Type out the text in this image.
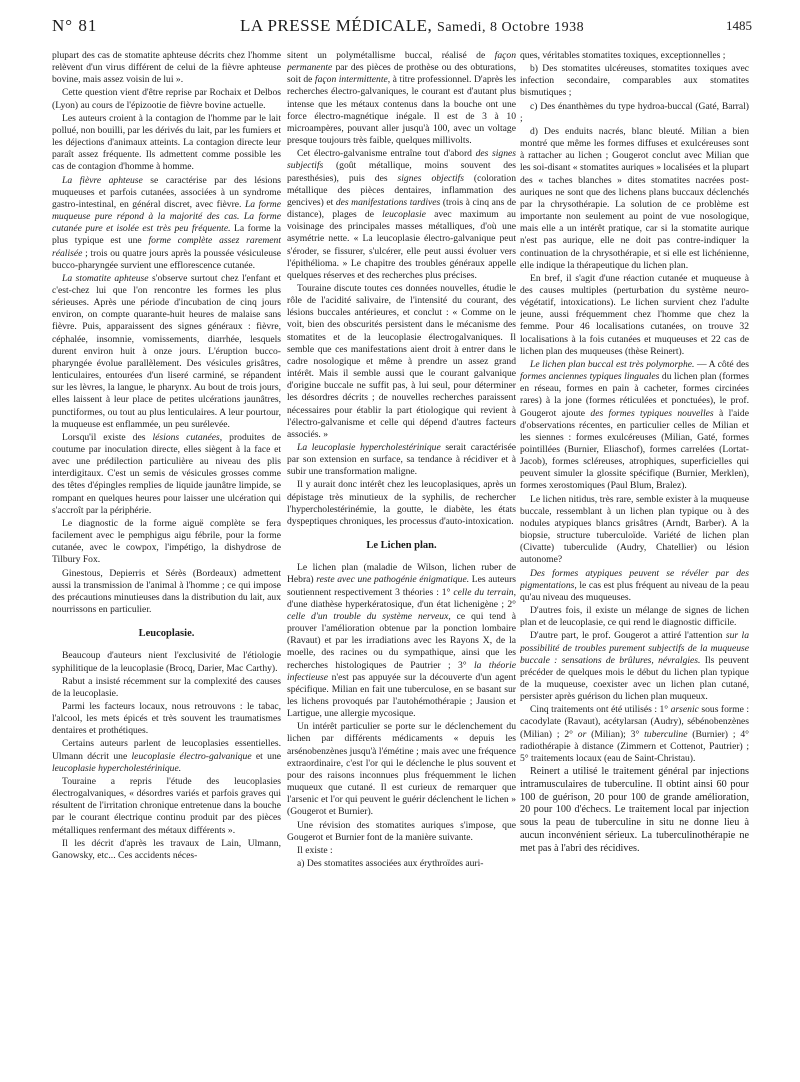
N° 81	LA PRESSE MÉDICALE, Samedi, 8 Octobre 1938	1485

plupart des cas de stomatite aphteuse décrits chez l'homme relèvent d'un virus différent de celui de la fièvre aphteuse bovine, mais assez voisin de lui ».

Cette question vient d'être reprise par Rochaix et Delbos (Lyon) au cours de l'épizootie de fièvre bovine actuelle.

Les auteurs croient à la contagion de l'homme par le lait pollué, non bouilli, par les dérivés du lait, par les fumiers et les déjections d'animaux atteints. La contagion directe leur paraît assez fréquente. Ils admettent comme possible les cas de contagion d'homme à homme.

La fièvre aphteuse se caractérise par des lésions muqueuses et parfois cutanées, associées à un syndrome gastro-intestinal, en général discret, avec fièvre. La forme muqueuse pure répond à la majorité des cas. La forme cutanée pure et isolée est très peu fréquente. La forme la plus typique est une forme complète assez rarement réalisée ; trois ou quatre jours après la poussée vésiculeuse bucco-pharyngée survient une efflorescence cutanée.

La stomatite aphteuse s'observe surtout chez l'enfant et c'est-chez lui que l'on rencontre les formes les plus sérieuses. Après une période d'incubation de cinq jours environ, on compte quarante-huit heures de malaise sans fièvre. Puis, apparaissent des signes généraux : fièvre, céphalée, insomnie, vomissements, diarrhée, lesquels durent environ huit à onze jours. L'éruption bucco-pharyngée évolue parallèlement. Des vésicules grisâtres, lenticulaires, entourées d'un liseré carminé, se répandent sur les lèvres, la langue, le pharynx. Au bout de trois jours, elles laissent à leur place de petites ulcérations jaunâtres, punctiformes, ou tout au plus lenticulaires. A leur pourtour, la muqueuse est enflammée, un peu surélevée.

Lorsqu'il existe des lésions cutanées, produites de coutume par inoculation directe, elles siègent à la face et avec une prédilection particulière au niveau des plis interdigitaux. C'est un semis de vésicules grosses comme des têtes d'épingles remplies de liquide jaunâtre limpide, se rompant en quelques heures pour laisser une ulcération qui s'accroît par la périphérie.

Le diagnostic de la forme aiguë complète se fera facilement avec le pemphigus aigu fébrile, pour la forme cutanée, avec le cowpox, l'impétigo, la dishydrose de Tilbury Fox.

Ginestous, Depierris et Sérès (Bordeaux) admettent aussi la transmission de l'animal à l'homme ; ce qui impose des précautions minutieuses dans la distribution du lait, aux nourrissons en particulier.

Leucoplasie.

Beaucoup d'auteurs nient l'exclusivité de l'étiologie syphilitique de la leucoplasie (Brocq, Darier, Mac Carthy).

Rabut a insisté récemment sur la complexité des causes de la leucoplasie.

Parmi les facteurs locaux, nous retrouvons : le tabac, l'alcool, les mets épicés et très souvent les traumatismes dentaires et prothétiques.

Certains auteurs parlent de leucoplasies essentielles. Ulmann décrit une leucoplasie électro-galvanique et une leucoplasie hypercholestérinique.

Touraine a repris l'étude des leucoplasies électrogalvaniques, « désordres variés et parfois graves qui résultent de l'irritation chronique entretenue dans la bouche par le courant électrique continu produit par des pièces métalliques renfermant des métaux différents ».

Il les décrit d'après les travaux de Lain, Ulmann, Ganowsky, etc... Ces accidents néces-

sitent un polymétallisme buccal, réalisé de façon permanente par des pièces de prothèse ou des obturations, soit de façon intermittente, à titre professionnel. D'après les recherches électro-galvaniques, le courant est d'autant plus intense que les métaux contenus dans la bouche ont une force électro-magnétique inégale. Il est de 3 à 10 microampères, pouvant aller jusqu'à 100, avec un voltage presque toujours très faible, quelques millivolts.

Cet électro-galvanisme entraîne tout d'abord des signes subjectifs (goût métallique, moins souvent des paresthésies), puis des signes objectifs (coloration métallique des pièces dentaires, inflammation des gencives) et des manifestations tardives (trois à cinq ans de distance), plages de leucoplasie avec maximum au voisinage des principales masses métalliques, d'où une asymétrie nette. « La leucoplasie électro-galvanique peut s'éroder, se fissurer, s'ulcérer, elle peut aussi évoluer vers l'épithélioma. » Le chapitre des troubles généraux appelle quelques réserves et des recherches plus précises.

Touraine discute toutes ces données nouvelles, étudie le rôle de l'acidité salivaire, de l'intensité du courant, des lésions buccales antérieures, et conclut : « Comme on le voit, bien des obscurités persistent dans le mécanisme des stomatites et de la leucoplasie électrogalvaniques. Il semble que ces manifestations aient droit à entrer dans le cadre nosologique et même à prendre un assez grand intérêt. Mais il semble aussi que le courant galvanique d'origine buccale ne suffit pas, à lui seul, pour déterminer les désordres décrits ; de nouvelles recherches paraissent nécessaires pour établir la part étiologique qui revient à l'électro-galvanisme et celle qui dépend d'autres facteurs associés. »

La leucoplasie hypercholestérinique serait caractérisée par son extension en surface, sa tendance à récidiver et à subir une transformation maligne.

Il y aurait donc intérêt chez les leucoplasiques, après un dépistage très minutieux de la syphilis, de rechercher l'hypercholestérinémie, la goutte, le diabète, les états dyspeptiques chroniques, les processus d'auto-intoxication.

Le Lichen plan.

Le lichen plan (maladie de Wilson, lichen ruber de Hebra) reste avec une pathogénie énigmatique. Les auteurs soutiennent respectivement 3 théories : 1° celle du terrain, d'une diathèse hyperkératosique, d'un état lichenigène ; 2° celle d'un trouble du système nerveux, ce qui tend à prouver l'amélioration obtenue par la ponction lombaire (Ravaut) et par les irradiations avec les Rayons X, de la moelle, des racines ou du sympathique, ainsi que les recherches histologiques de Pautrier ; 3° la théorie infectieuse n'est pas appuyée sur la découverte d'un agent spécifique. Milian en fait une tuberculose, en se basant sur les lichens provoqués par l'autohémothérapie ; Jausion et Lartigue, une allergie mycosique.

Un intérêt particulier se porte sur le déclenchement du lichen par différents médicaments « depuis les arsénobenzènes jusqu'à l'émétine ; mais avec une fréquence extraordinaire, c'est l'or qui le déclenche le plus souvent et pour des raisons inconnues plus fréquemment le lichen muqueux que cutané. Il est curieux de remarquer que l'arsenic et l'or qui peuvent le guérir déclenchent le lichen » (Gougerot et Burnier).

Une révision des stomatites auriques s'impose, que Gougerot et Burnier font de la manière suivante.

Il existe :

a) Des stomatites associées aux érythroïdes auri-

ques, véritables stomatites toxiques, exceptionnelles ;

b) Des stomatites ulcéreuses, stomatites toxiques avec infection secondaire, comparables aux stomatites bismutiques ;

c) Des énanthèmes du type hydroa-buccal (Gaté, Barral) ;

d) Des enduits nacrés, blanc bleuté. Milian a bien montré que même les formes diffuses et exulcéreuses sont à rattacher au lichen ; Gougerot conclut avec Milian que les soi-disant « stomatites auriques » localisées et la plupart des « taches blanches » dites stomatites nacrées post-auriques ne sont que des lichens plans buccaux déclenchés par la chrysothérapie. La solution de ce problème est importante non seulement au point de vue nosologique, mais elle a un intérêt pratique, car si la stomatite aurique n'est pas aurique, elle ne doit pas contre-indiquer la continuation de la chrysothérapie, et si elle est lichénienne, elle indique la thérapeutique du lichen plan.

En bref, il s'agit d'une réaction cutanée et muqueuse à des causes multiples (perturbation du système neuro-végétatif, intoxications). Le lichen survient chez l'adulte jeune, aussi fréquemment chez l'homme que chez la femme. Pour 46 localisations cutanées, on trouve 32 localisations à la fois cutanées et muqueuses et 22 cas de lichen plan des muqueuses (thèse Reinert).

Le lichen plan buccal est très polymorphe. — A côté des formes anciennes typiques linguales du lichen plan (formes en réseau, formes en pain à cacheter, formes circinées rares) à la jone (formes réticulées et ponctuées), le prof. Gougerot ajoute des formes typiques nouvelles à l'aide d'observations récentes, en particulier celles de Milian et les siennes : formes exulcéreuses (Milian, Gaté, formes pointillées (Burnier, Eliaschof), formes carrelées (Lortat-Jacob), formes scléreuses, atrophiques, superficielles qui peuvent simuler la glossite spécifique (Burnier, Merklen), formes xerostomiques (Paul Blum, Bralez).

Le lichen nitidus, très rare, semble exister à la muqueuse buccale, ressemblant à un lichen plan typique ou à des nodules atypiques blancs grisâtres (Arndt, Barber). A la biopsie, structure tuberculoïde. Variété de lichen plan (Civatte) tuberculide (Audry, Chatellier) ou lésion autonome?

Des formes atypiques peuvent se révéler par des pigmentations, le cas est plus fréquent au niveau de la peau qu'au niveau des muqueuses.

D'autres fois, il existe un mélange de signes de lichen plan et de leucoplasie, ce qui rend le diagnostic difficile.

D'autre part, le prof. Gougerot a attiré l'attention sur la possibilité de troubles purement subjectifs de la muqueuse buccale : sensations de brûlures, névralgies. Ils peuvent précéder de quelques mois le début du lichen plan typique de la muqueuse, coexister avec un lichen plan cutané, persister après guérison du lichen plan muqueux.

Cinq traitements ont été utilisés : 1° arsenic sous forme : cacodylate (Ravaut), acétylarsan (Audry), sébénobenzènes (Milian) ; 2° or (Milian); 3° tuberculine (Burnier) ; 4° radiothérapie à distance (Zimmern et Cottenot, Pautrier) ; 5° traitements locaux (eau de Saint-Christau).

Reinert a utilisé le traitement général par injections intramusculaires de tuberculine. Il obtint ainsi 60 pour 100 de guérison, 20 pour 100 de grande amélioration, 20 pour 100 d'échecs. Le traitement local par injection sous la peau de tuberculine in situ ne donne lieu à aucun inconvénient sérieux. La tuberculinothérapie ne met pas à l'abri des récidives.
